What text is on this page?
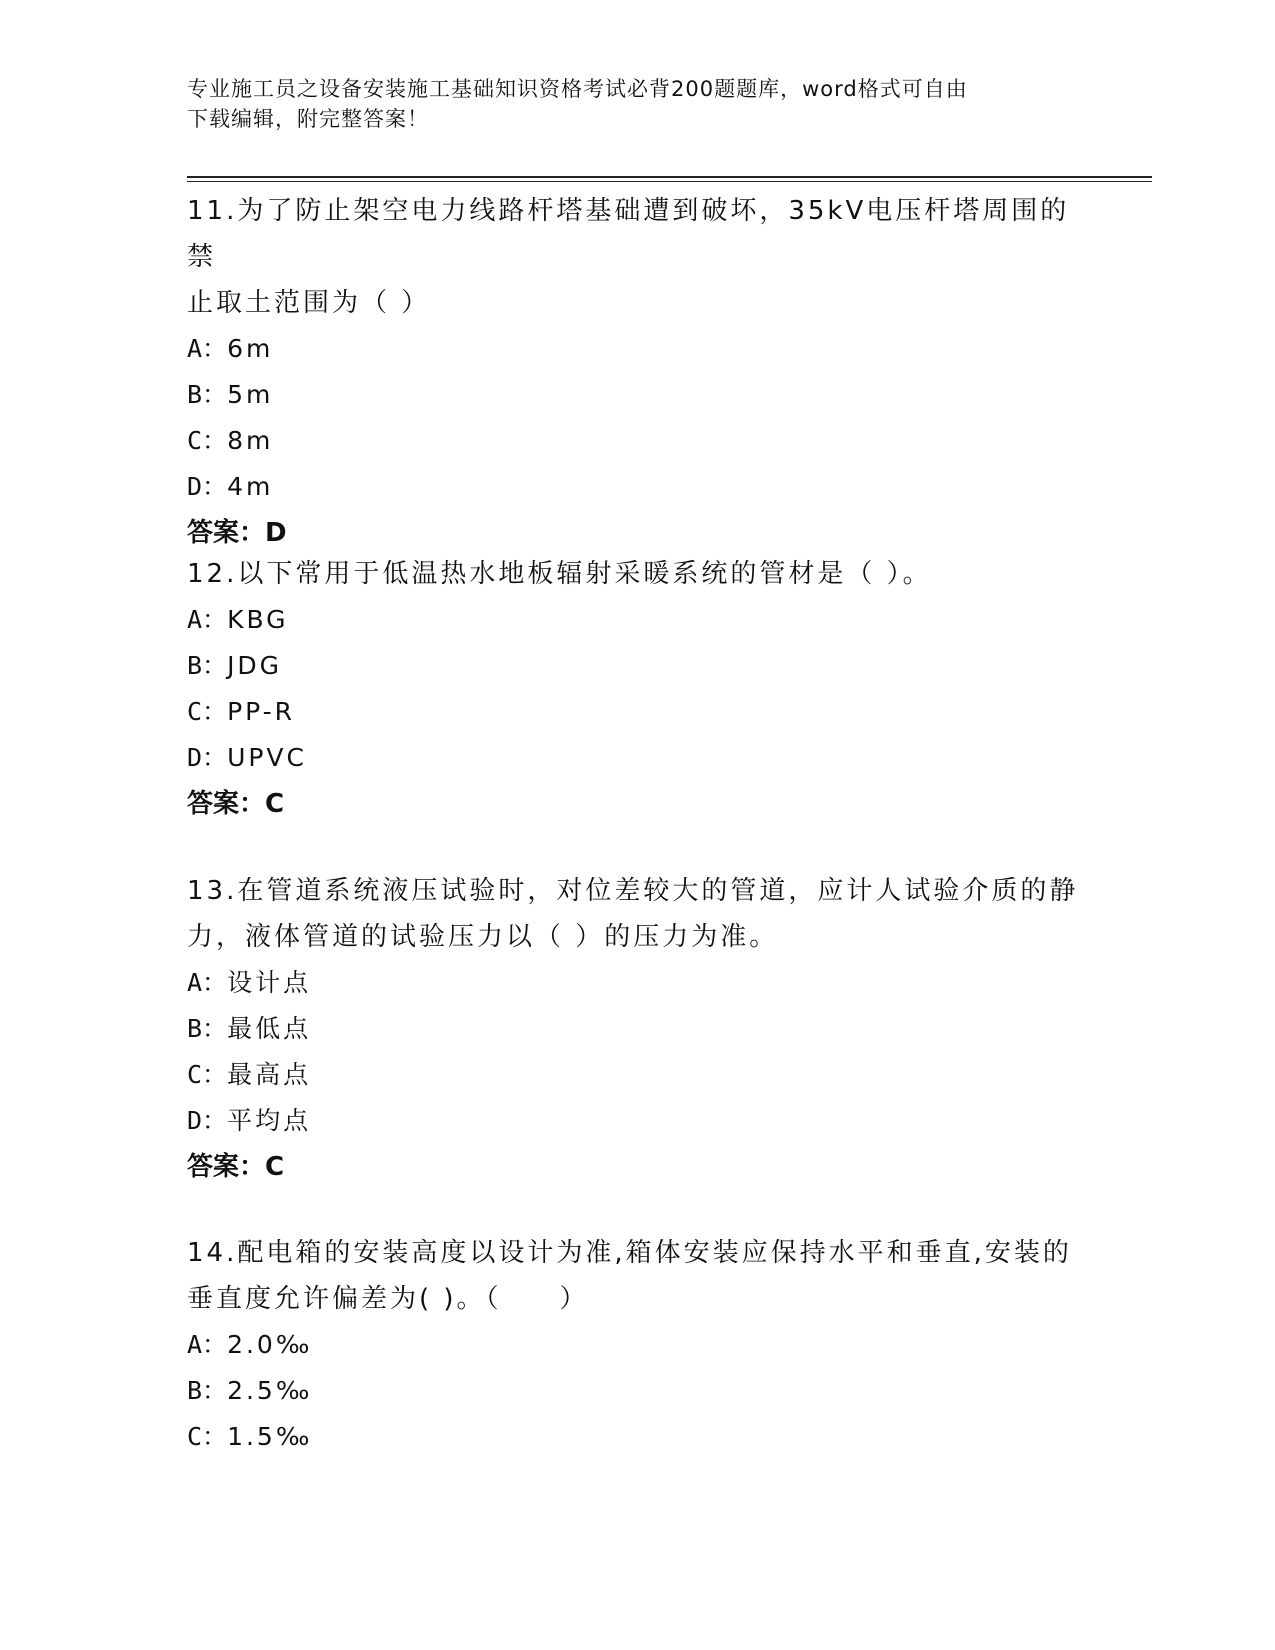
专业施工员之设备安装施工基础知识资格考试必背200题题库，word格式可自由
下载编辑，附完整答案！
11.为了防止架空电力线路杆塔基础遭到破坏，35kV电压杆塔周围的禁
止取土范围为（ ）
A：6m
B：5m
C：8m
D：4m
答案：D
12.以下常用于低温热水地板辐射采暖系统的管材是（ ）。
A：KBG
B：JDG
C：PP-R
D：UPVC
答案：C
13.在管道系统液压试验时，对位差较大的管道，应计人试验介质的静
力，液体管道的试验压力以（ ）的压力为准。
A：设计点
B：最低点
C：最高点
D：平均点
答案：C
14.配电箱的安装高度以设计为准,箱体安装应保持水平和垂直,安装的
垂直度允许偏差为( )。（　　）
A：2.0‰
B：2.5‰
C：1.5‰
